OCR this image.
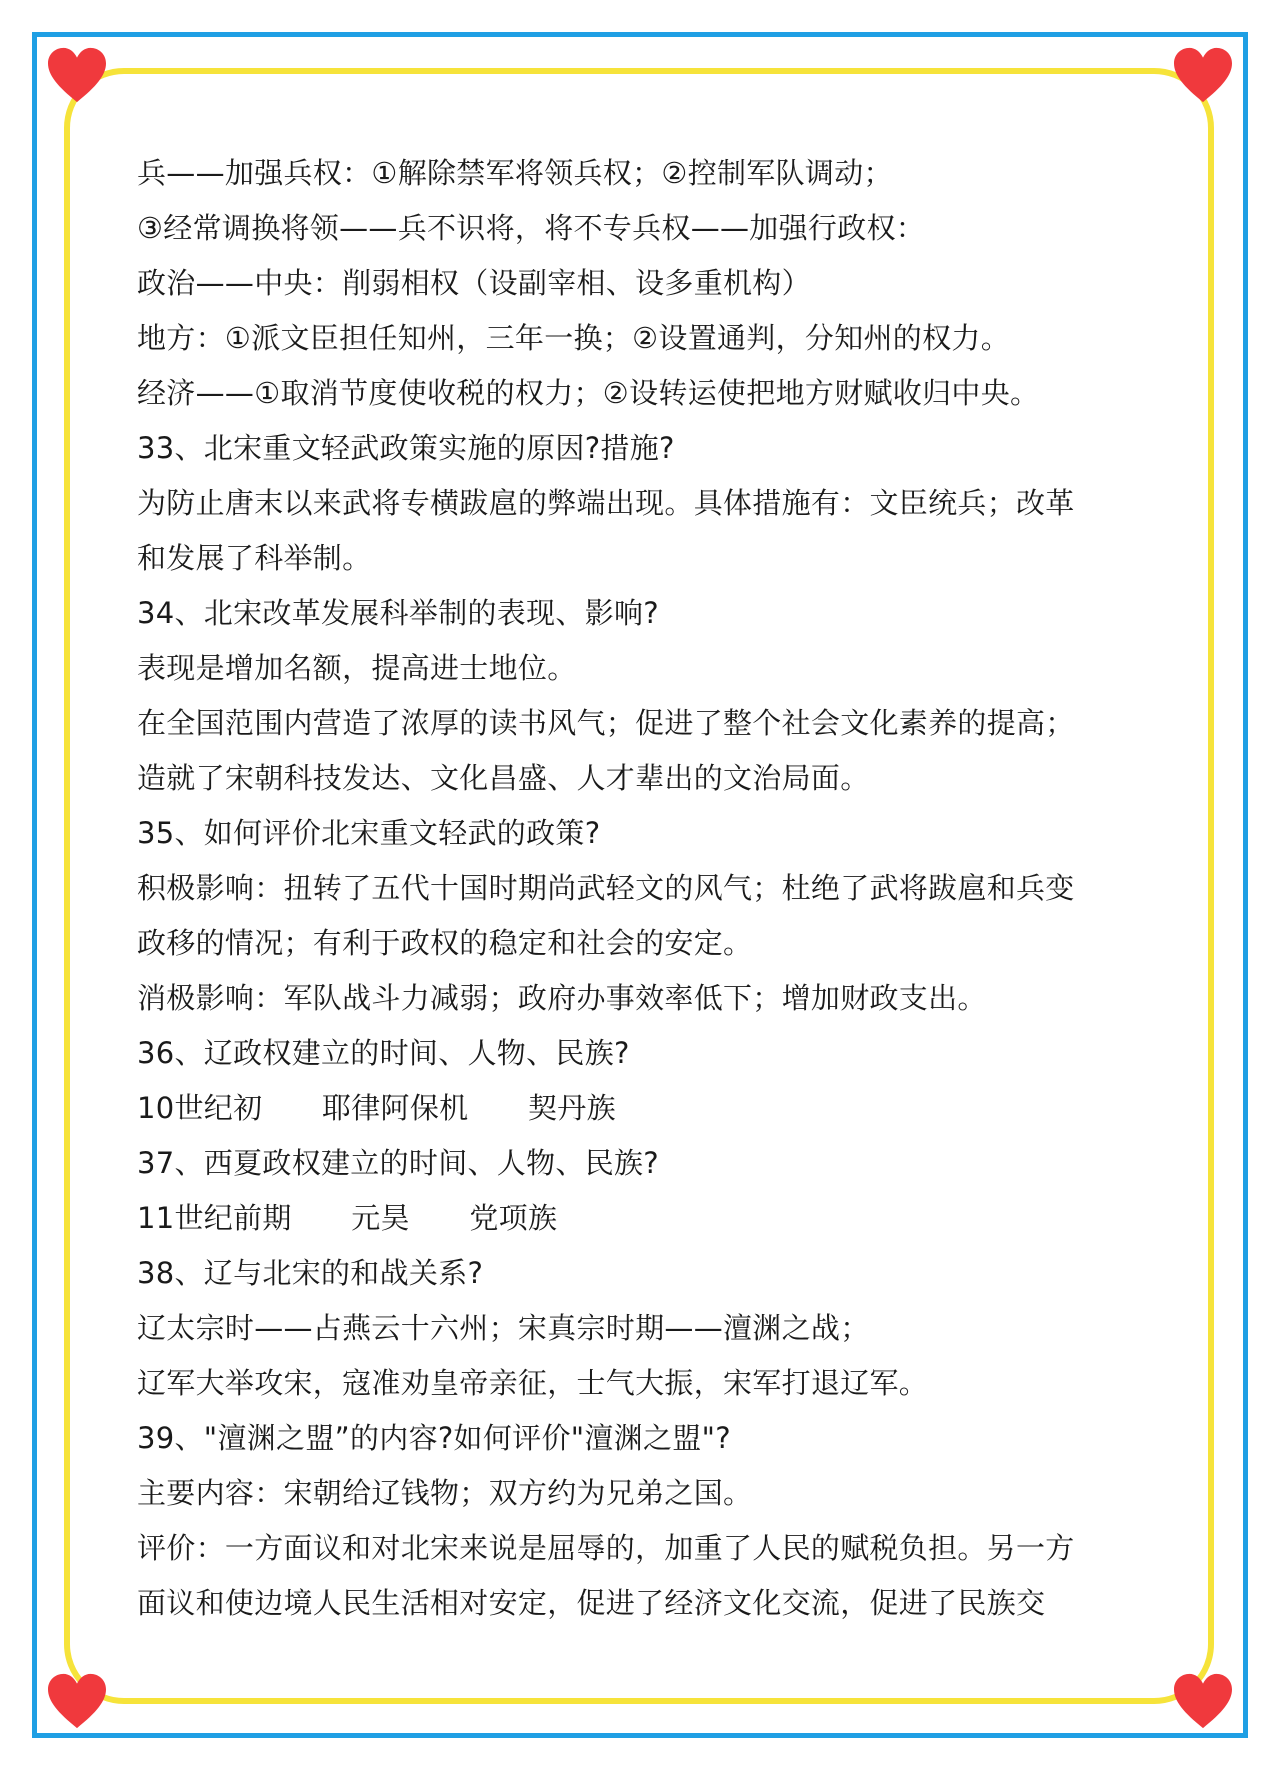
兵——加强兵权：①解除禁军将领兵权；②控制军队调动；
③经常调换将领——兵不识将，将不专兵权——加强行政权：
政治——中央：削弱相权（设副宰相、设多重机构）
地方：①派文臣担任知州，三年一换；②设置通判，分知州的权力。
经济——①取消节度使收税的权力；②设转运使把地方财赋收归中央。
33、北宋重文轻武政策实施的原因?措施?
为防止唐末以来武将专横跋扈的弊端出现。具体措施有：文臣统兵；改革
和发展了科举制。
34、北宋改革发展科举制的表现、影响?
表现是增加名额，提高进士地位。
在全国范围内营造了浓厚的读书风气；促进了整个社会文化素养的提高；
造就了宋朝科技发达、文化昌盛、人才辈出的文治局面。
35、如何评价北宋重文轻武的政策?
积极影响：扭转了五代十国时期尚武轻文的风气；杜绝了武将跋扈和兵变
政移的情况；有利于政权的稳定和社会的安定。
消极影响：军队战斗力减弱；政府办事效率低下；增加财政支出。
36、辽政权建立的时间、人物、民族?
10世纪初 耶律阿保机 契丹族
37、西夏政权建立的时间、人物、民族?
11世纪前期 元昊 党项族
38、辽与北宋的和战关系?
辽太宗时——占燕云十六州；宋真宗时期——澶渊之战；
辽军大举攻宋，寇准劝皇帝亲征，士气大振，宋军打退辽军。
39、"澶渊之盟”的内容?如何评价"澶渊之盟"?
主要内容：宋朝给辽钱物；双方约为兄弟之国。
评价：一方面议和对北宋来说是屈辱的，加重了人民的赋税负担。另一方
面议和使边境人民生活相对安定，促进了经济文化交流，促进了民族交
